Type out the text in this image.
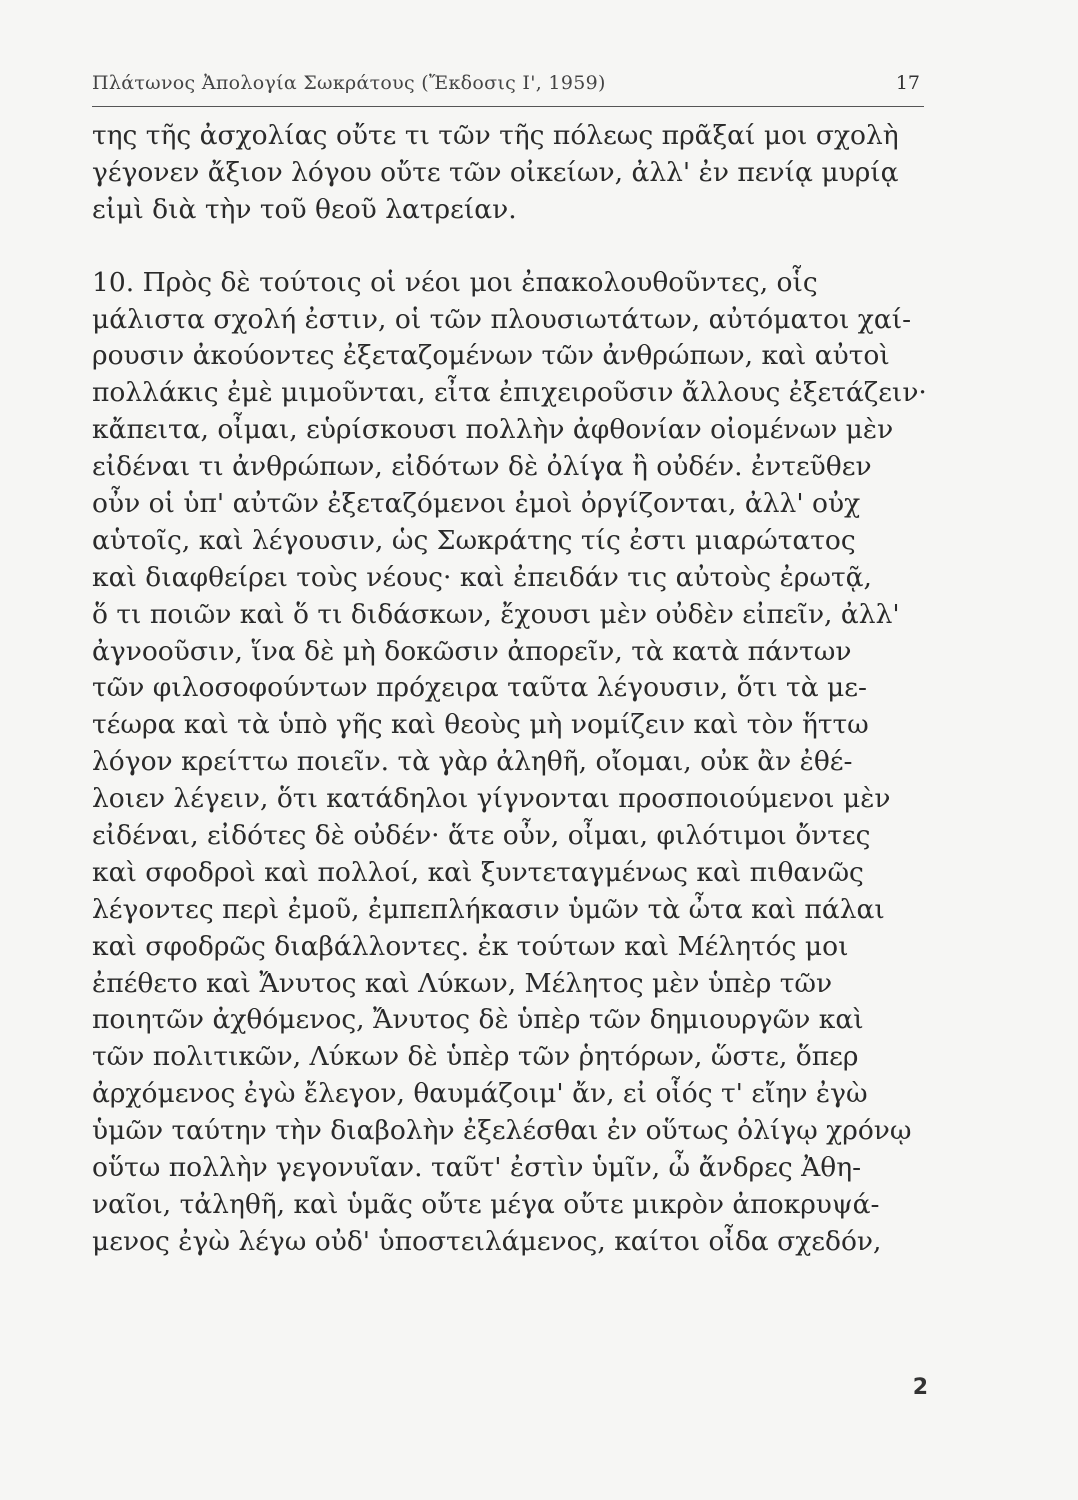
Πλάτωνος Ἀπολογία Σωκράτους (Ἔκδοσις Ι', 1959)	17
της τῆς ἀσχολίας οὔτε τι τῶν τῆς πόλεως πρᾶξαί μοι σχολὴ
γέγονεν ἄξιον λόγου οὔτε τῶν οἰκείων, ἀλλ' ἐν πενίᾳ μυρίᾳ
εἰμὶ διὰ τὴν τοῦ θεοῦ λατρείαν.
10. Πρὸς δὲ τούτοις οἱ νέοι μοι ἐπακολουθοῦντες, οἷς
μάλιστα σχολή ἐστιν, οἱ τῶν πλουσιωτάτων, αὐτόματοι χαί-
ρουσιν ἀκούοντες ἐξεταζομένων τῶν ἀνθρώπων, καὶ αὐτοὶ
πολλάκις ἐμὲ μιμοῦνται, εἶτα ἐπιχειροῦσιν ἄλλους ἐξετάζειν·
κἄπειτα, οἶμαι, εὑρίσκουσι πολλὴν ἀφθονίαν οἰομένων μὲν
εἰδέναι τι ἀνθρώπων, εἰδότων δὲ ὀλίγα ἢ οὐδέν. ἐντεῦθεν
οὖν οἱ ὑπ' αὐτῶν ἐξεταζόμενοι ἐμοὶ ὀργίζονται, ἀλλ' οὐχ
αὑτοῖς, καὶ λέγουσιν, ὡς Σωκράτης τίς ἐστι μιαρώτατος
καὶ διαφθείρει τοὺς νέους· καὶ ἐπειδάν τις αὐτοὺς ἐρωτᾷ,
ὅ τι ποιῶν καὶ ὅ τι διδάσκων, ἔχουσι μὲν οὐδὲν εἰπεῖν, ἀλλ'
ἀγνοοῦσιν, ἵνα δὲ μὴ δοκῶσιν ἀπορεῖν, τὰ κατὰ πάντων
τῶν φιλοσοφούντων πρόχειρα ταῦτα λέγουσιν, ὅτι τὰ με-
τέωρα καὶ τὰ ὑπὸ γῆς καὶ θεοὺς μὴ νομίζειν καὶ τὸν ἥττω
λόγον κρείττω ποιεῖν. τὰ γὰρ ἀληθῆ, οἴομαι, οὐκ ἂν ἐθέ-
λοιεν λέγειν, ὅτι κατάδηλοι γίγνονται προσποιούμενοι μὲν
εἰδέναι, εἰδότες δὲ οὐδέν· ἅτε οὖν, οἶμαι, φιλότιμοι ὄντες
καὶ σφοδροὶ καὶ πολλοί, καὶ ξυντεταγμένως καὶ πιθανῶς
λέγοντες περὶ ἐμοῦ, ἐμπεπλήκασιν ὑμῶν τὰ ὦτα καὶ πάλαι
καὶ σφοδρῶς διαβάλλοντες. ἐκ τούτων καὶ Μέλητός μοι
ἐπέθετο καὶ Ἄνυτος καὶ Λύκων, Μέλητος μὲν ὑπὲρ τῶν
ποιητῶν ἀχθόμενος, Ἄνυτος δὲ ὑπὲρ τῶν δημιουργῶν καὶ
τῶν πολιτικῶν, Λύκων δὲ ὑπὲρ τῶν ῥητόρων, ὥστε, ὅπερ
ἀρχόμενος ἐγὼ ἔλεγον, θαυμάζοιμ' ἄν, εἰ οἷός τ' εἴην ἐγὼ
ὑμῶν ταύτην τὴν διαβολὴν ἐξελέσθαι ἐν οὕτως ὀλίγῳ χρόνῳ
οὕτω πολλὴν γεγονυῖαν. ταῦτ' ἐστὶν ὑμῖν, ὦ ἄνδρες Ἀθη-
ναῖοι, τἀληθῆ, καὶ ὑμᾶς οὔτε μέγα οὔτε μικρὸν ἀποκρυψά-
μενος ἐγὼ λέγω οὐδ' ὑποστειλάμενος, καίτοι οἶδα σχεδόν,
2
